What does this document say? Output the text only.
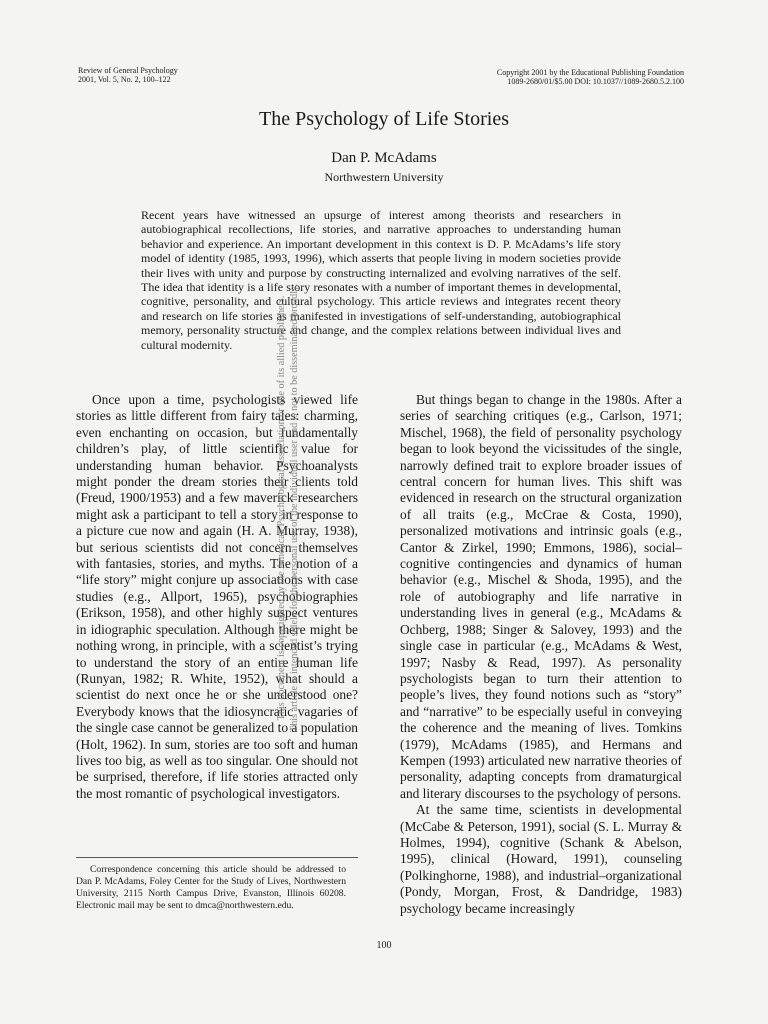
Review of General Psychology
2001, Vol. 5, No. 2, 100–122
Copyright 2001 by the Educational Publishing Foundation
1089-2680/01/$5.00 DOI: 10.1037//1089-2680.5.2.100
The Psychology of Life Stories
Dan P. McAdams
Northwestern University

Recent years have witnessed an upsurge of interest among theorists and researchers in autobiographical recollections, life stories, and narrative approaches to understanding human behavior and experience. An important development in this context is D. P. McAdams’s life story model of identity (1985, 1993, 1996), which asserts that people living in modern societies provide their lives with unity and purpose by constructing internalized and evolving narratives of the self. The idea that identity is a life story resonates with a number of important themes in developmental, cognitive, personality, and cultural psychology. This article reviews and integrates recent theory and research on life stories as manifested in investigations of self-understanding, autobiographical memory, personality structure and change, and the complex relations between individual lives and cultural modernity.

Once upon a time, psychologists viewed life stories as little different from fairy tales: charming, even enchanting on occasion, but fundamentally children’s play, of little scientific value for understanding human behavior. Psychoanalysts might ponder the dream stories their clients told (Freud, 1900/1953) and a few maverick researchers might ask a participant to tell a story in response to a picture cue now and again (H. A. Murray, 1938), but serious scientists did not concern themselves with fantasies, stories, and myths. The notion of a “life story” might conjure up associations with case studies (e.g., Allport, 1965), psychobiographies (Erikson, 1958), and other highly suspect ventures in idiographic speculation. Although there might be nothing wrong, in principle, with a scientist’s trying to understand the story of an entire human life (Runyan, 1982; R. White, 1952), what should a scientist do next once he or she understood one? Everybody knows that the idiosyncratic vagaries of the single case cannot be generalized to a population (Holt, 1962). In sum, stories are too soft and human lives too big, as well as too singular. One should not be surprised, therefore, if life stories attracted only the most romantic of psychological investigators.

But things began to change in the 1980s. After a series of searching critiques (e.g., Carlson, 1971; Mischel, 1968), the field of personality psychology began to look beyond the vicissitudes of the single, narrowly defined trait to explore broader issues of central concern for human lives. This shift was evidenced in research on the structural organization of all traits (e.g., McCrae & Costa, 1990), personalized motivations and intrinsic goals (e.g., Cantor & Zirkel, 1990; Emmons, 1986), social–cognitive contingencies and dynamics of human behavior (e.g., Mischel & Shoda, 1995), and the role of autobiography and life narrative in understanding lives in general (e.g., McAdams & Ochberg, 1988; Singer & Salovey, 1993) and the single case in particular (e.g., McAdams & West, 1997; Nasby & Read, 1997). As personality psychologists began to turn their attention to people’s lives, they found notions such as “story” and “narrative” to be especially useful in conveying the coherence and the meaning of lives. Tomkins (1979), McAdams (1985), and Hermans and Kempen (1993) articulated new narrative theories of personality, adapting concepts from dramaturgical and literary discourses to the psychology of persons.

At the same time, scientists in developmental (McCabe & Peterson, 1991), social (S. L. Murray & Holmes, 1994), cognitive (Schank & Abelson, 1995), clinical (Howard, 1991), counseling (Polkinghorne, 1988), and industrial–organizational (Pondy, Morgan, Frost, & Dandridge, 1983) psychology became increasingly

Correspondence concerning this article should be addressed to Dan P. McAdams, Foley Center for the Study of Lives, Northwestern University, 2115 North Campus Drive, Evanston, Illinois 60208. Electronic mail may be sent to dmca@northwestern.edu.

100
This document is copyrighted by the American Psychological Association or one of its allied publishers. This article is intended solely for the personal use of the individual user and is not to be disseminated broadly.
